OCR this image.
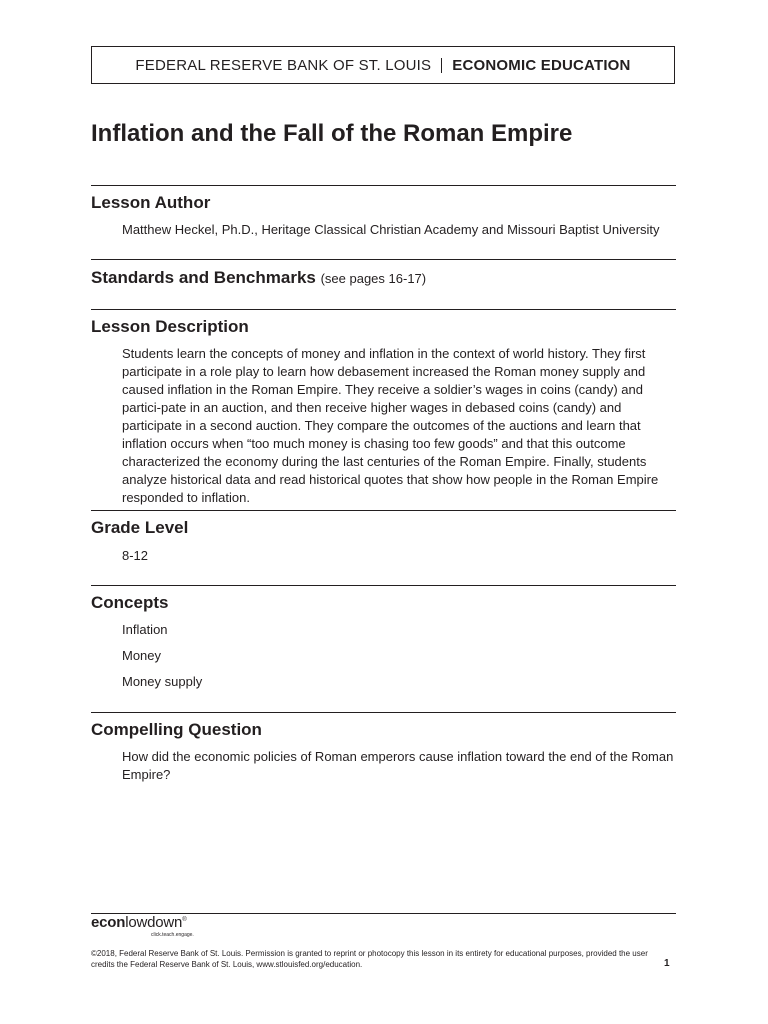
FEDERAL RESERVE BANK OF ST. LOUIS ECONOMIC EDUCATION
Inflation and the Fall of the Roman Empire
Lesson Author

Matthew Heckel, Ph.D., Heritage Classical Christian Academy and Missouri Baptist University

Standards and Benchmarks (see pages 16-17)
Lesson Description

Students learn the concepts of money and inflation in the context of world history. They first participate in a role play to learn how debasement increased the Roman money supply and caused inflation in the Roman Empire. They receive a soldier’s wages in coins (candy) and partici-pate in an auction, and then receive higher wages in debased coins (candy) and participate in a second auction. They compare the outcomes of the auctions and learn that inflation occurs when “too much money is chasing too few goods” and that this outcome characterized the economy during the last centuries of the Roman Empire. Finally, students analyze historical data and read historical quotes that show how people in the Roman Empire responded to inflation.

Grade Level

8-12

Concepts

Inflation

Money

Money supply

Compelling Question

How did the economic policies of Roman emperors cause inflation toward the end of the Roman Empire?

econlowdown®
click.teach.engage.
©2018, Federal Reserve Bank of St. Louis. Permission is granted to reprint or photocopy this lesson in its entirety for educational purposes, provided the user credits the Federal Reserve Bank of St. Louis, www.stlouisfed.org/education.	1
